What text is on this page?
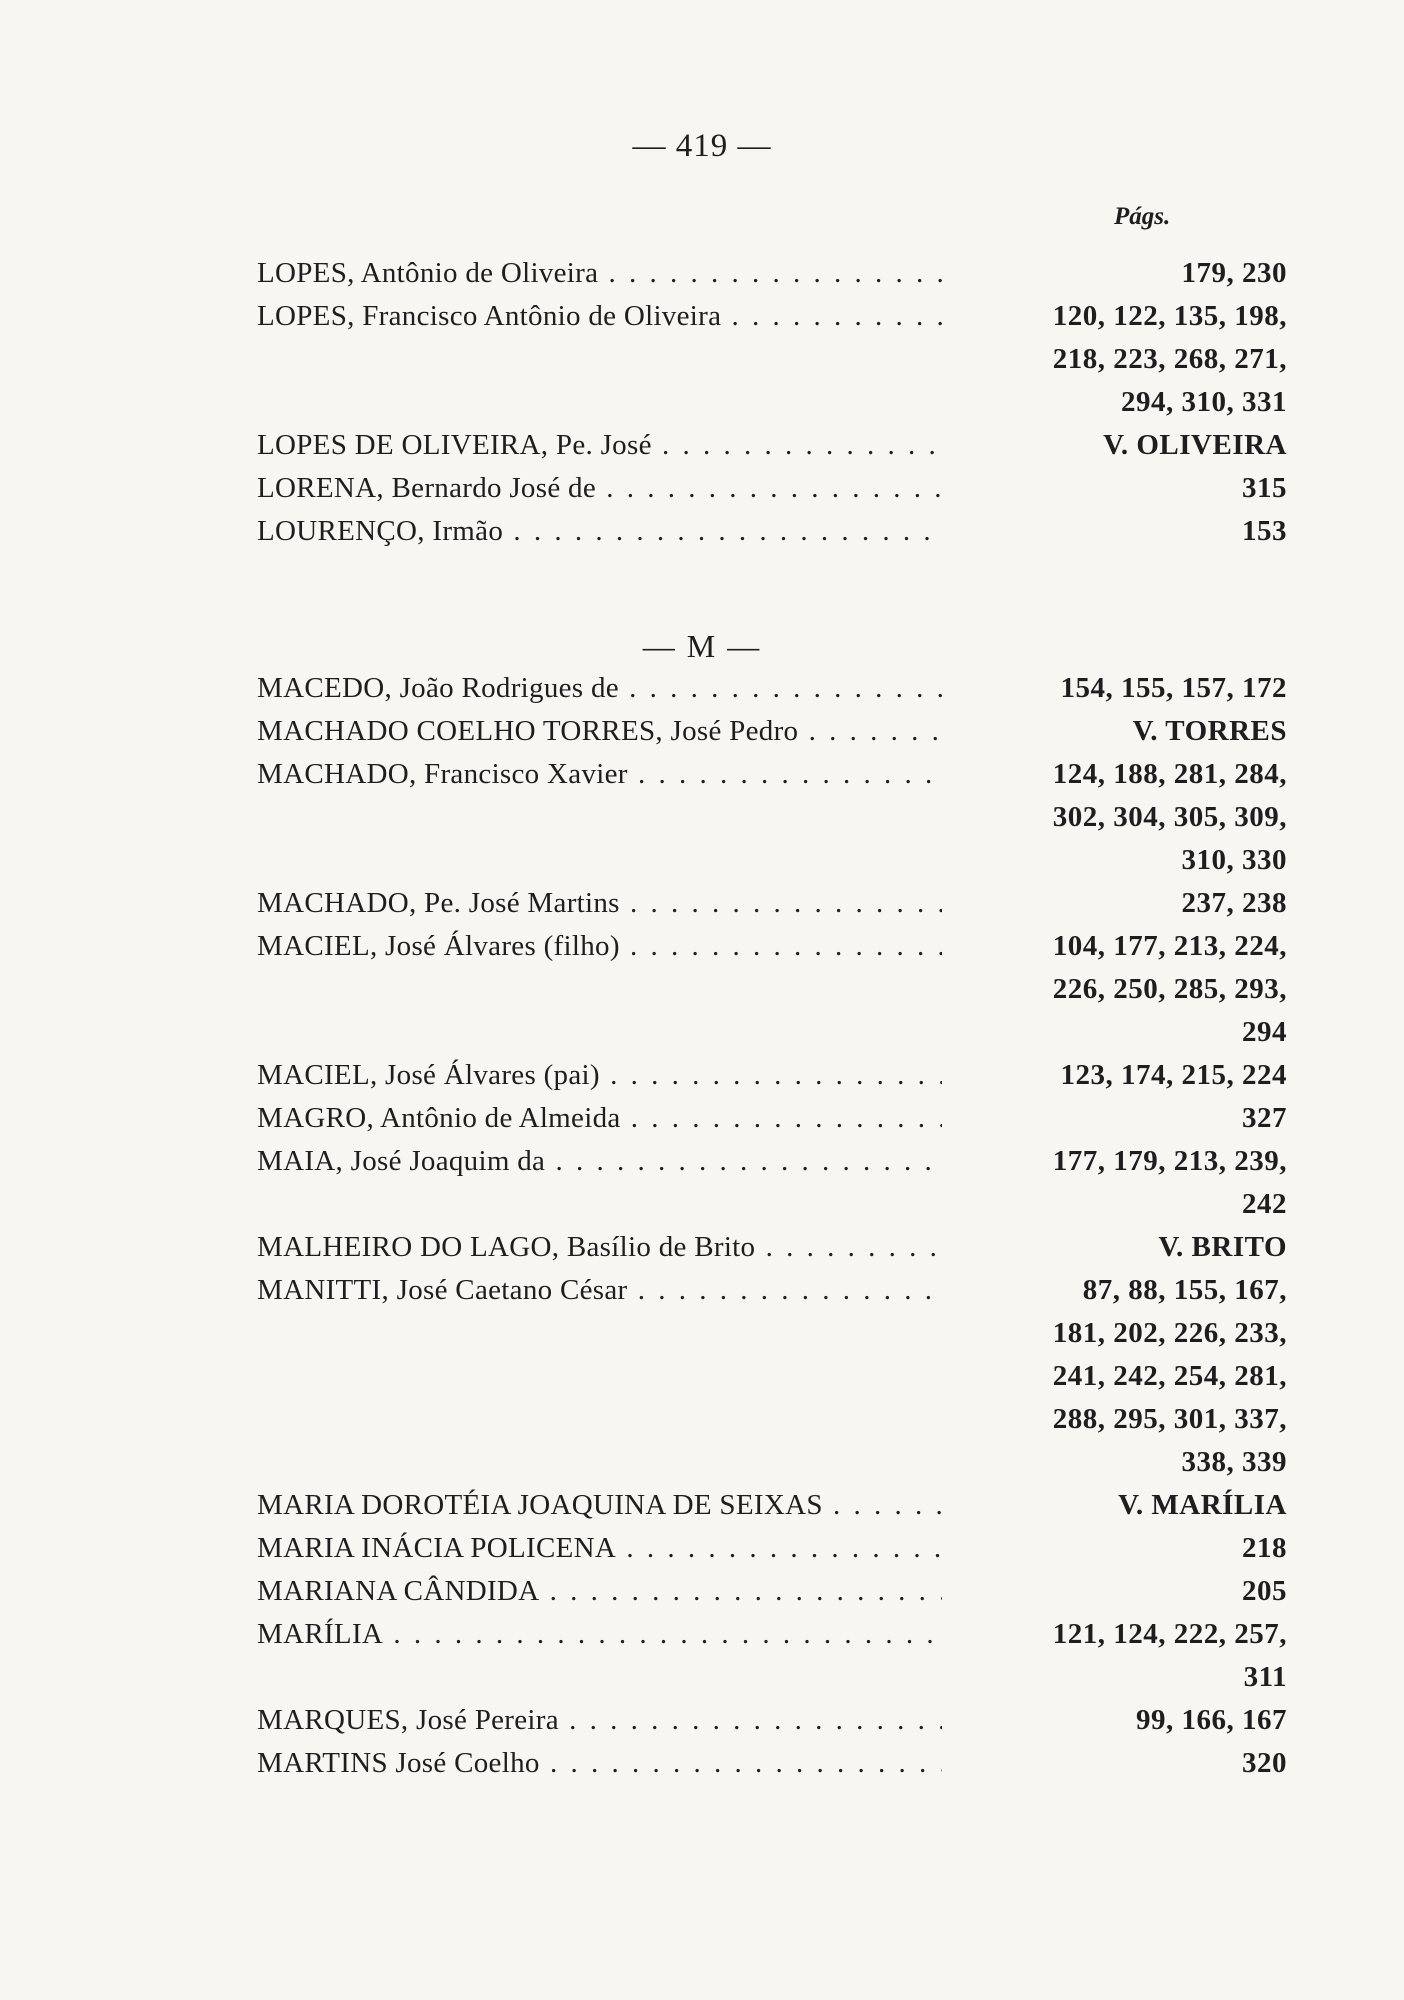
— 419 —
Págs.
— M —
LOPES, Antônio de Oliveira . . .	179, 230
LOPES, Francisco Antônio de Oliveira . . .	120, 122, 135, 198,
218, 223, 268, 271,
294, 310, 331
LOPES DE OLIVEIRA, Pe. José . . .	V. OLIVEIRA
LORENA, Bernardo José de . . .	315
LOURENÇO, Irmão . . .	153
MACEDO, João Rodrigues de . . .	154, 155, 157, 172
MACHADO COELHO TORRES, José Pedro . . .	V. TORRES
MACHADO, Francisco Xavier . . .	124, 188, 281, 284,
302, 304, 305, 309,
310, 330
MACHADO, Pe. José Martins . . .	237, 238
MACIEL, José Álvares (filho) . . .	104, 177, 213, 224,
226, 250, 285, 293,
294
MACIEL, José Álvares (pai) . . .	123, 174, 215, 224
MAGRO, Antônio de Almeida . . .	327
MAIA, José Joaquim da . . .	177, 179, 213, 239,
242
MALHEIRO DO LAGO, Basílio de Brito . . .	V. BRITO
MANITTI, José Caetano César . . .	87, 88, 155, 167,
181, 202, 226, 233,
241, 242, 254, 281,
288, 295, 301, 337,
338, 339
MARIA DOROTÉIA JOAQUINA DE SEIXAS . . .	V. MARÍLIA
MARIA INÁCIA POLICENA . . .	218
MARIANA CÂNDIDA . . .	205
MARÍLIA . . .	121, 124, 222, 257,
311
MARQUES, José Pereira . . .	99, 166, 167
MARTINS José Coelho . . .	320
